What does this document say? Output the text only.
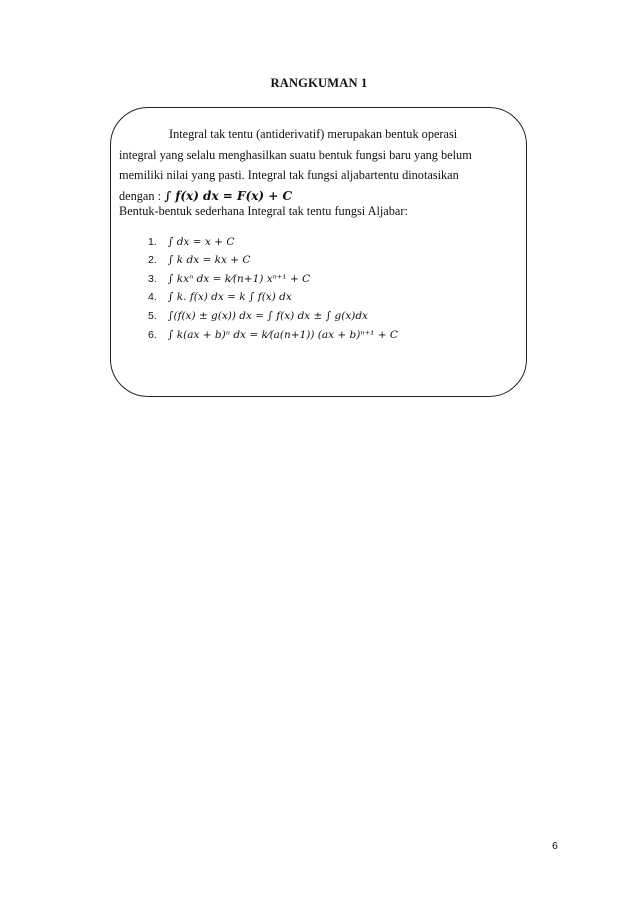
RANGKUMAN 1
Integral tak tentu (antiderivatif) merupakan bentuk operasi
integral yang selalu menghasilkan suatu bentuk fungsi baru yang belum
memiliki nilai yang pasti. Integral tak fungsi aljabartentu dinotasikan
dengan : ∫ f(x) dx = F(x) + C
Bentuk-bentuk sederhana Integral tak tentu fungsi Aljabar:
1.	∫ dx = x + C
2.	∫ k dx = kx + C
3.	∫ kxⁿ dx = k⁄(n+1) xⁿ⁺¹ + C
4.	∫ k. f(x) dx = k ∫ f(x) dx
5.	∫(f(x) ± g(x)) dx = ∫ f(x) dx ± ∫ g(x)dx
6.	∫ k(ax + b)ⁿ dx = k⁄(a(n+1)) (ax + b)ⁿ⁺¹ + C
6
